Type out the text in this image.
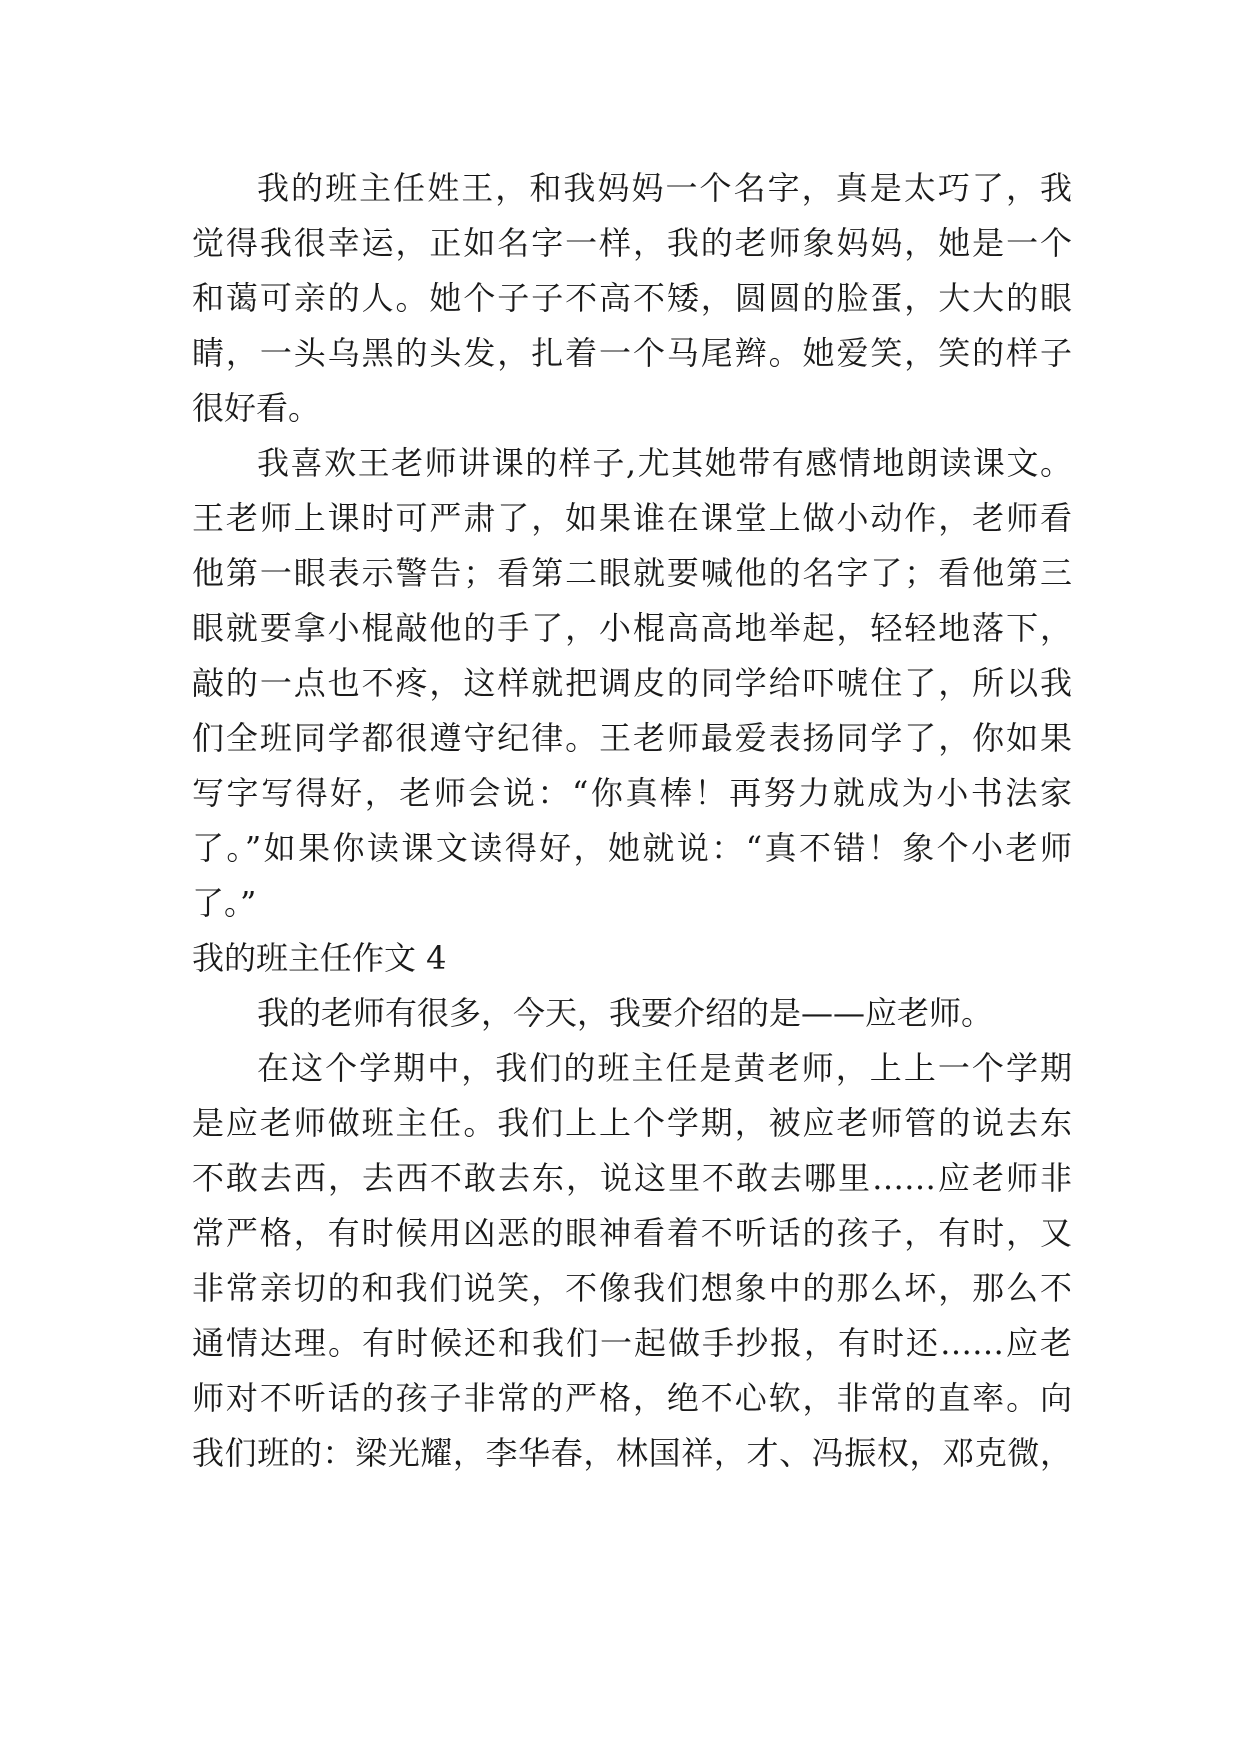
我的班主任姓王，和我妈妈一个名字，真是太巧了，我
觉得我很幸运，正如名字一样，我的老师象妈妈，她是一个
和蔼可亲的人。她个子子不高不矮，圆圆的脸蛋，大大的眼
睛，一头乌黑的头发，扎着一个马尾辫。她爱笑，笑的样子
很好看。
我喜欢王老师讲课的样子,尤其她带有感情地朗读课文。
王老师上课时可严肃了，如果谁在课堂上做小动作，老师看
他第一眼表示警告；看第二眼就要喊他的名字了；看他第三
眼就要拿小棍敲他的手了，小棍高高地举起，轻轻地落下，
敲的一点也不疼，这样就把调皮的同学给吓唬住了，所以我
们全班同学都很遵守纪律。王老师最爱表扬同学了，你如果
写字写得好，老师会说：“你真棒！再努力就成为小书法家
了。”如果你读课文读得好，她就说：“真不错！象个小老师
了。”
我的班主任作文 4
我的老师有很多，今天，我要介绍的是——应老师。
在这个学期中，我们的班主任是黄老师，上上一个学期
是应老师做班主任。我们上上个学期，被应老师管的说去东
不敢去西，去西不敢去东，说这里不敢去哪里……应老师非
常严格，有时候用凶恶的眼神看着不听话的孩子，有时，又
非常亲切的和我们说笑，不像我们想象中的那么坏，那么不
通情达理。有时候还和我们一起做手抄报，有时还……应老
师对不听话的孩子非常的严格，绝不心软，非常的直率。向
我们班的：梁光耀，李华春，林国祥，才、冯振权，邓克微，
